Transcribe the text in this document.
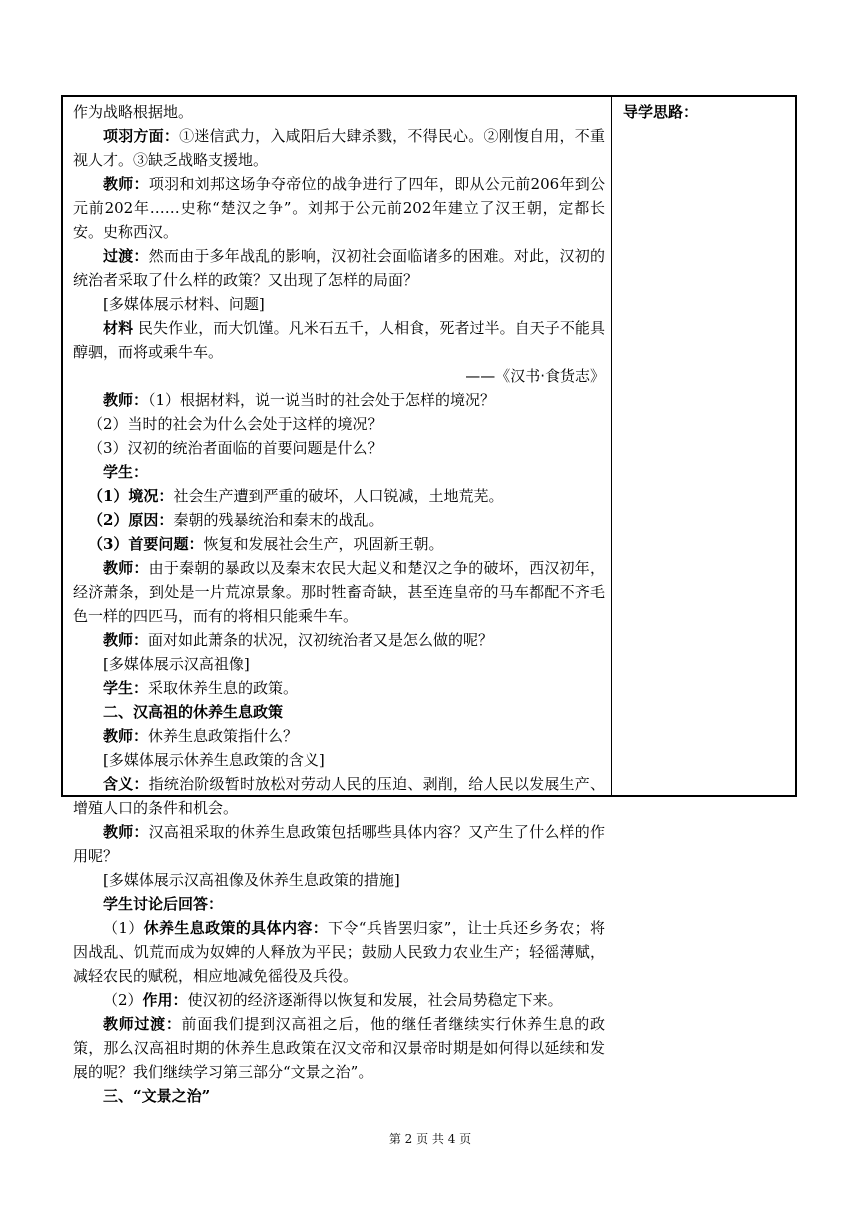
作为战略根据地。

项羽方面：①迷信武力，入咸阳后大肆杀戮，不得民心。②刚愎自用，不重视人才。③缺乏战略支援地。

教师：项羽和刘邦这场争夺帝位的战争进行了四年，即从公元前206年到公元前202年……史称“楚汉之争”。刘邦于公元前202年建立了汉王朝，定都长安。史称西汉。

过渡：然而由于多年战乱的影响，汉初社会面临诸多的困难。对此，汉初的统治者采取了什么样的政策？又出现了怎样的局面？

[多媒体展示材料、问题]

材料 民失作业，而大饥馑。凡米石五千，人相食，死者过半。自天子不能具醇驷，而将或乘牛车。

——《汉书·食货志》

教师：（1）根据材料，说一说当时的社会处于怎样的境况？

（2）当时的社会为什么会处于这样的境况？

（3）汉初的统治者面临的首要问题是什么？

学生：

（1）境况：社会生产遭到严重的破坏，人口锐减，土地荒芜。

（2）原因：秦朝的残暴统治和秦末的战乱。

（3）首要问题：恢复和发展社会生产，巩固新王朝。

教师：由于秦朝的暴政以及秦末农民大起义和楚汉之争的破坏，西汉初年，经济萧条，到处是一片荒凉景象。那时牲畜奇缺，甚至连皇帝的马车都配不齐毛色一样的四匹马，而有的将相只能乘牛车。

教师：面对如此萧条的状况，汉初统治者又是怎么做的呢？

[多媒体展示汉高祖像]

学生：采取休养生息的政策。

二、汉高祖的休养生息政策

教师：休养生息政策指什么？

[多媒体展示休养生息政策的含义]

含义：指统治阶级暂时放松对劳动人民的压迫、剥削，给人民以发展生产、增殖人口的条件和机会。

教师：汉高祖采取的休养生息政策包括哪些具体内容？又产生了什么样的作用呢？

[多媒体展示汉高祖像及休养生息政策的措施]

学生讨论后回答：

（1）休养生息政策的具体内容：下令“兵皆罢归家”，让士兵还乡务农；将因战乱、饥荒而成为奴婢的人释放为平民；鼓励人民致力农业生产；轻徭薄赋，减轻农民的赋税，相应地减免徭役及兵役。

（2）作用：使汉初的经济逐渐得以恢复和发展，社会局势稳定下来。

教师过渡：前面我们提到汉高祖之后，他的继任者继续实行休养生息的政策，那么汉高祖时期的休养生息政策在汉文帝和汉景帝时期是如何得以延续和发展的呢？我们继续学习第三部分“文景之治”。

三、“文景之治”

导学思路：
第 2 页 共 4 页
